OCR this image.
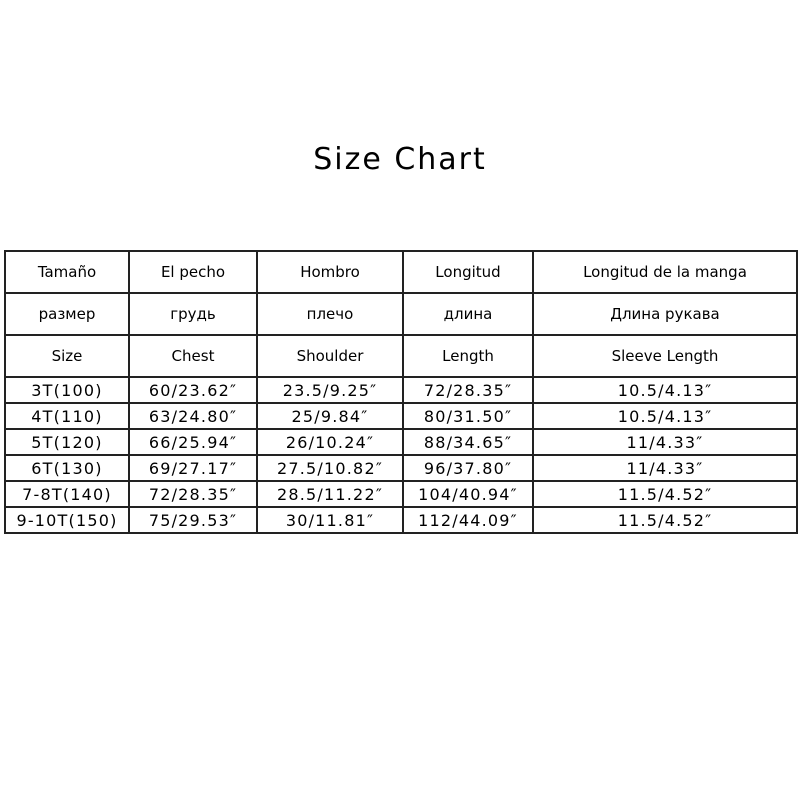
Size Chart
Tamaño	El pecho	Hombro	Longitud	Longitud de la manga
размер	грудь	плечо	длина	Длина рукава
Size	Chest	Shoulder	Length	Sleeve Length
3T(100)	60/23.62″	23.5/9.25″	72/28.35″	10.5/4.13″
4T(110)	63/24.80″	25/9.84″	80/31.50″	10.5/4.13″
5T(120)	66/25.94″	26/10.24″	88/34.65″	11/4.33″
6T(130)	69/27.17″	27.5/10.82″	96/37.80″	11/4.33″
7-8T(140)	72/28.35″	28.5/11.22″	104/40.94″	11.5/4.52″
9-10T(150)	75/29.53″	30/11.81″	112/44.09″	11.5/4.52″
